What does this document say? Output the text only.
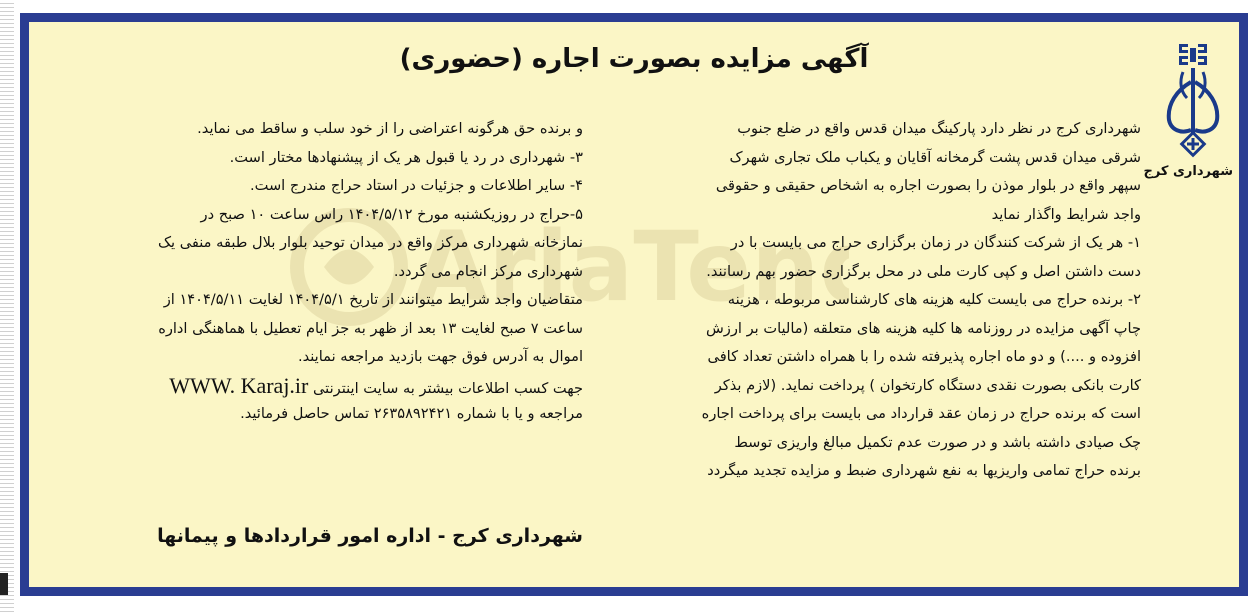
AriaTen
آگهی مزایده بصورت اجاره (حضوری)
شهرداری کرج
شهرداری کرج در نظر دارد پارکینگ میدان قدس واقع در ضلع جنوب
شرقی میدان قدس پشت گرمخانه آقایان و یکباب ملک تجاری شهرک
سپهر واقع در بلوار موذن را بصورت اجاره به اشخاص حقیقی و حقوقی
واجد شرایط واگذار نماید
۱- هر یک از شرکت کنندگان در زمان برگزاری حراج می بایست با در
دست داشتن اصل و کپی کارت ملی در محل برگزاری حضور بهم رسانند.
۲- برنده حراج می بایست کلیه هزینه های کارشناسی مربوطه ، هزینه
چاپ آگهی مزایده در روزنامه ها کلیه هزینه های متعلقه (مالیات بر ارزش
افزوده و ....) و دو ماه اجاره پذیرفته شده را با همراه داشتن تعداد کافی
کارت بانکی بصورت نقدی دستگاه کارتخوان ) پرداخت نماید. (لازم بذکر
است که برنده حراج در زمان عقد قرارداد می بایست برای پرداخت اجاره
چک صیادی داشته باشد و در صورت عدم تکمیل مبالغ واریزی توسط
برنده حراج تمامی واریزیها به نفع شهرداری ضبط و مزایده تجدید میگردد
و برنده حق هرگونه اعتراضی را از خود سلب و ساقط می نماید.
۳- شهرداری در رد یا قبول هر یک از پیشنهادها مختار است.
۴- سایر اطلاعات و جزئیات در استاد حراج مندرج است.
۵-حراج در روزیکشنبه مورخ ۱۴۰۴/۵/۱۲ راس ساعت ۱۰ صبح در
نمازخانه شهرداری مرکز واقع در میدان توحید بلوار بلال طبقه منفی یک
شهرداری مرکز انجام می گردد.
متقاضیان واجد شرایط میتوانند از تاریخ ۱۴۰۴/۵/۱ لغایت ۱۴۰۴/۵/۱۱ از
ساعت ۷ صبح لغایت ۱۳ بعد از ظهر به جز ایام تعطیل با هماهنگی اداره
اموال به آدرس فوق جهت بازدید مراجعه نمایند.
جهت کسب اطلاعات بیشتر به سایت اینترنتی WWW. Karaj.ir
مراجعه و یا با شماره ۲۶۳۵۸۹۲۴۲۱ تماس حاصل فرمائید.
شهرداری کرج - اداره امور قراردادها و پیمانها
